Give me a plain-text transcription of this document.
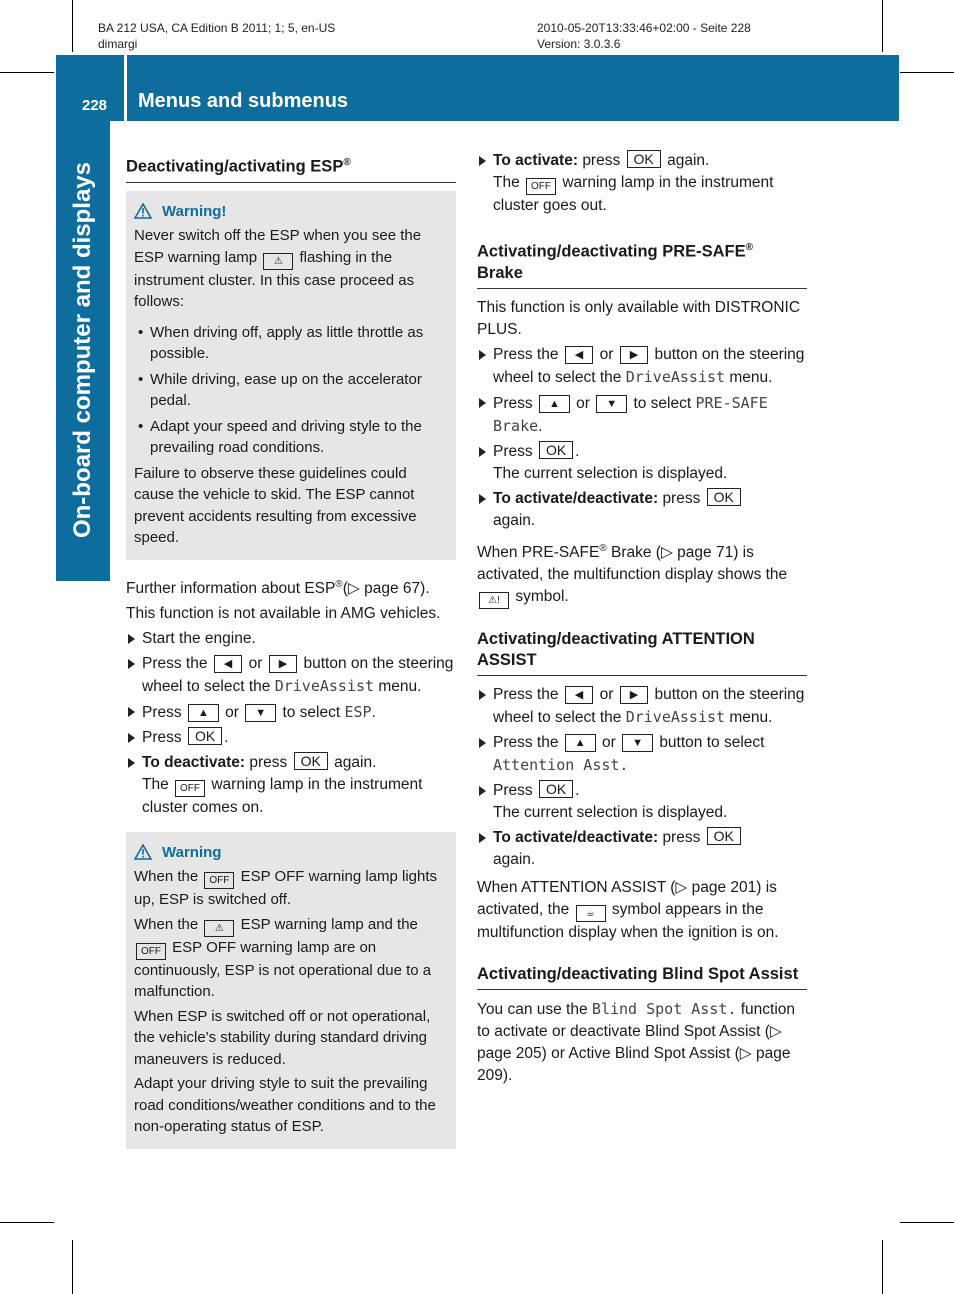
BA 212 USA, CA Edition B 2011; 1; 5, en-US
dimargi
2010-05-20T13:33:46+02:00 - Seite 228
Version: 3.0.3.6
228 Menus and submenus
On-board computer and displays Deactivating/activating ESP®
Warning!

Never switch off the ESP when you see the ESP warning lamp ⚠ flashing in the instrument cluster. In this case proceed as follows:

• When driving off, apply as little throttle as possible.
• While driving, ease up on the accelerator pedal.
• Adapt your speed and driving style to the prevailing road conditions.

Failure to observe these guidelines could cause the vehicle to skid. The ESP cannot prevent accidents resulting from excessive speed.

Further information about ESP®(▷ page 67).

This function is not available in AMG vehicles.

Start the engine.
Press the ◀ or ▶ button on the steering wheel to select the DriveAssist menu.
Press ▲ or ▼ to select ESP.
Press OK .
To deactivate: press OK again.
The OFF warning lamp in the instrument cluster comes on.
Warning

When the OFF ESP OFF warning lamp lights up, ESP is switched off.

When the ⚠ ESP warning lamp and the OFF ESP OFF warning lamp are on continuously, ESP is not operational due to a malfunction.

When ESP is switched off or not operational, the vehicle's stability during standard driving maneuvers is reduced.

Adapt your driving style to suit the prevailing road conditions/weather conditions and to the non-operating status of ESP.

To activate: press OK again.
The OFF warning lamp in the instrument cluster goes out.
Activating/deactivating PRE-SAFE®
Brake

This function is only available with DISTRONIC PLUS.

Press the ◀ or ▶ button on the steering wheel to select the DriveAssist menu.
Press ▲ or ▼ to select PRE-SAFE Brake.
Press OK .
The current selection is displayed.
To activate/deactivate: press OK
again.

When PRE-SAFE® Brake (▷ page 71) is activated, the multifunction display shows the ⚠! symbol.

Activating/deactivating ATTENTION ASSIST
Press the ◀ or ▶ button on the steering wheel to select the DriveAssist menu.
Press the ▲ or ▼ button to select Attention Asst.
Press OK .
The current selection is displayed.
To activate/deactivate: press OK
again.

When ATTENTION ASSIST (▷ page 201) is activated, the ☕ symbol appears in the multifunction display when the ignition is on.

Activating/deactivating Blind Spot Assist

You can use the Blind Spot Asst. function to activate or deactivate Blind Spot Assist (▷ page 205) or Active Blind Spot Assist (▷ page 209).
